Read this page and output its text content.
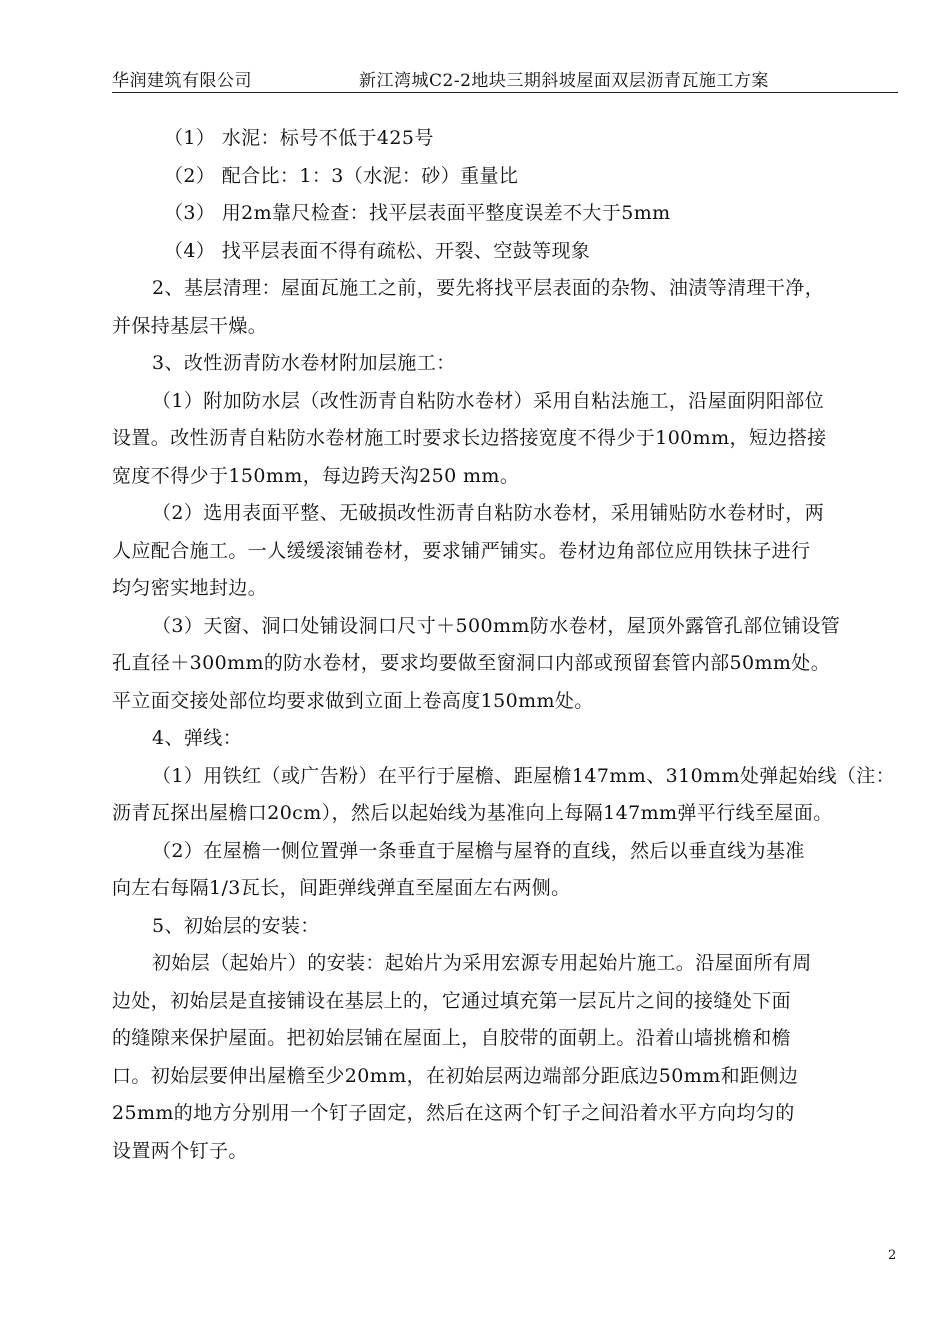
华润建筑有限公司	新江湾城C2-2地块三期斜坡屋面双层沥青瓦施工方案
（1） 水泥：标号不低于425号
（2） 配合比：1：3（水泥：砂）重量比
（3） 用2m靠尺检查：找平层表面平整度误差不大于5mm
（4） 找平层表面不得有疏松、开裂、空鼓等现象
2、基层清理：屋面瓦施工之前，要先将找平层表面的杂物、油渍等清理干净，
并保持基层干燥。
3、改性沥青防水卷材附加层施工：
（1）附加防水层（改性沥青自粘防水卷材）采用自粘法施工，沿屋面阴阳部位
设置。改性沥青自粘防水卷材施工时要求长边搭接宽度不得少于100mm，短边搭接
宽度不得少于150mm，每边跨天沟250 mm。
（2）选用表面平整、无破损改性沥青自粘防水卷材，采用铺贴防水卷材时，两
人应配合施工。一人缓缓滚铺卷材，要求铺严铺实。卷材边角部位应用铁抹子进行
均匀密实地封边。
（3）天窗、洞口处铺设洞口尺寸＋500mm防水卷材，屋顶外露管孔部位铺设管
孔直径＋300mm的防水卷材，要求均要做至窗洞口内部或预留套管内部50mm处。
平立面交接处部位均要求做到立面上卷高度150mm处。
4、弹线：
（1）用铁红（或广告粉）在平行于屋檐、距屋檐147mm、310mm处弹起始线（注：
沥青瓦探出屋檐口20cm），然后以起始线为基准向上每隔147mm弹平行线至屋面。
（2）在屋檐一侧位置弹一条垂直于屋檐与屋脊的直线，然后以垂直线为基准
向左右每隔1/3瓦长，间距弹线弹直至屋面左右两侧。
5、初始层的安装：
初始层（起始片）的安装：起始片为采用宏源专用起始片施工。沿屋面所有周
边处，初始层是直接铺设在基层上的，它通过填充第一层瓦片之间的接缝处下面
的缝隙来保护屋面。把初始层铺在屋面上，自胶带的面朝上。沿着山墙挑檐和檐
口。初始层要伸出屋檐至少20mm，在初始层两边端部分距底边50mm和距侧边
25mm的地方分别用一个钉子固定，然后在这两个钉子之间沿着水平方向均匀的
设置两个钉子。
2
